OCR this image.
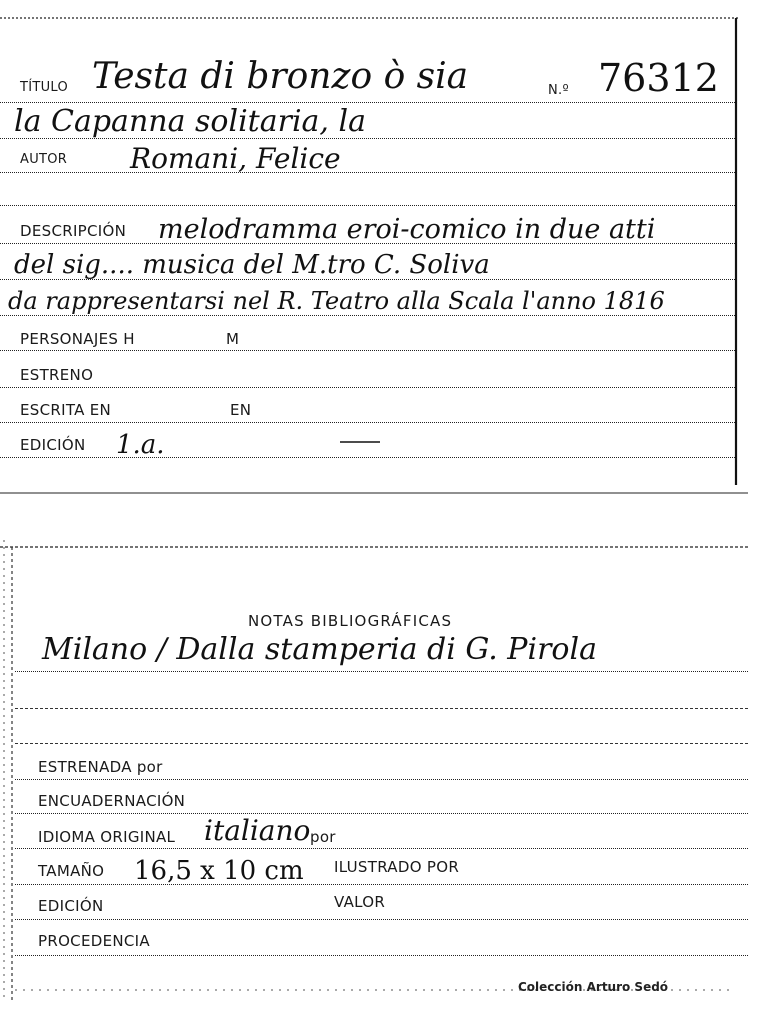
TÍTULO Testa di bronzo ò sia	N.º 76312
la Capanna solitaria, la
AUTOR Romani, Felice
DESCRIPCIÓN melodramma eroi-comico in due atti
del sig.... musica del M.tro C. Soliva
da rappresentarsi nel R. Teatro alla Scala l'anno 1816
PERSONAJES H	M
ESTRENO
ESCRITA EN	EN
EDICIÓN 1.a.
NOTAS BIBLIOGRÁFICAS
Milano / Dalla stamperia di G. Pirola
ESTRENADA por
ENCUADERNACIÓN
IDIOMA ORIGINAL italiano por
TAMAÑO 16,5 x 10 cm ILUSTRADO POR
EDICIÓN	VALOR
PROCEDENCIA
Colección Arturo Sedó
